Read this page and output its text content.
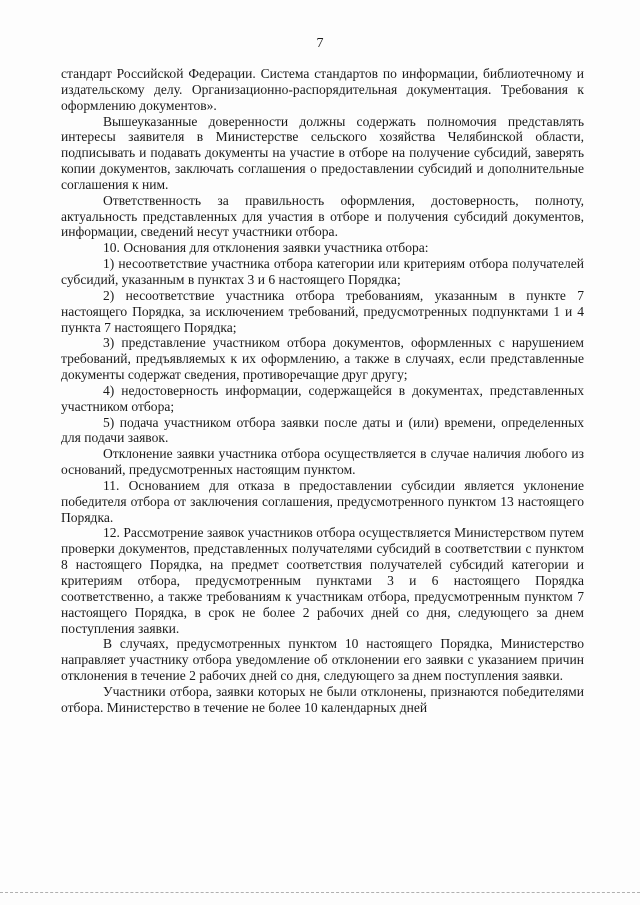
7

стандарт Российской Федерации. Система стандартов по информации, библиотечному и издательскому делу. Организационно-распорядительная документация. Требования к оформлению документов».

Вышеуказанные доверенности должны содержать полномочия представлять интересы заявителя в Министерстве сельского хозяйства Челябинской области, подписывать и подавать документы на участие в отборе на получение субсидий, заверять копии документов, заключать соглашения о предоставлении субсидий и дополнительные соглашения к ним.

Ответственность за правильность оформления, достоверность, полноту, актуальность представленных для участия в отборе и получения субсидий документов, информации, сведений несут участники отбора.

10. Основания для отклонения заявки участника отбора:

1) несоответствие участника отбора категории или критериям отбора получателей субсидий, указанным в пунктах 3 и 6 настоящего Порядка;

2) несоответствие участника отбора требованиям, указанным в пункте 7 настоящего Порядка, за исключением требований, предусмотренных подпунктами 1 и 4 пункта 7 настоящего Порядка;

3) представление участником отбора документов, оформленных с нарушением требований, предъявляемых к их оформлению, а также в случаях, если представленные документы содержат сведения, противоречащие друг другу;

4) недостоверность информации, содержащейся в документах, представленных участником отбора;

5) подача участником отбора заявки после даты и (или) времени, определенных для подачи заявок.

Отклонение заявки участника отбора осуществляется в случае наличия любого из оснований, предусмотренных настоящим пунктом.

11. Основанием для отказа в предоставлении субсидии является уклонение победителя отбора от заключения соглашения, предусмотренного пунктом 13 настоящего Порядка.

12. Рассмотрение заявок участников отбора осуществляется Министерством путем проверки документов, представленных получателями субсидий в соответствии с пунктом 8 настоящего Порядка, на предмет соответствия получателей субсидий категории и критериям отбора, предусмотренным пунктами 3 и 6 настоящего Порядка соответственно, а также требованиям к участникам отбора, предусмотренным пунктом 7 настоящего Порядка, в срок не более 2 рабочих дней со дня, следующего за днем поступления заявки.

В случаях, предусмотренных пунктом 10 настоящего Порядка, Министерство направляет участнику отбора уведомление об отклонении его заявки с указанием причин отклонения в течение 2 рабочих дней со дня, следующего за днем поступления заявки.

Участники отбора, заявки которых не были отклонены, признаются победителями отбора. Министерство в течение не более 10 календарных дней
